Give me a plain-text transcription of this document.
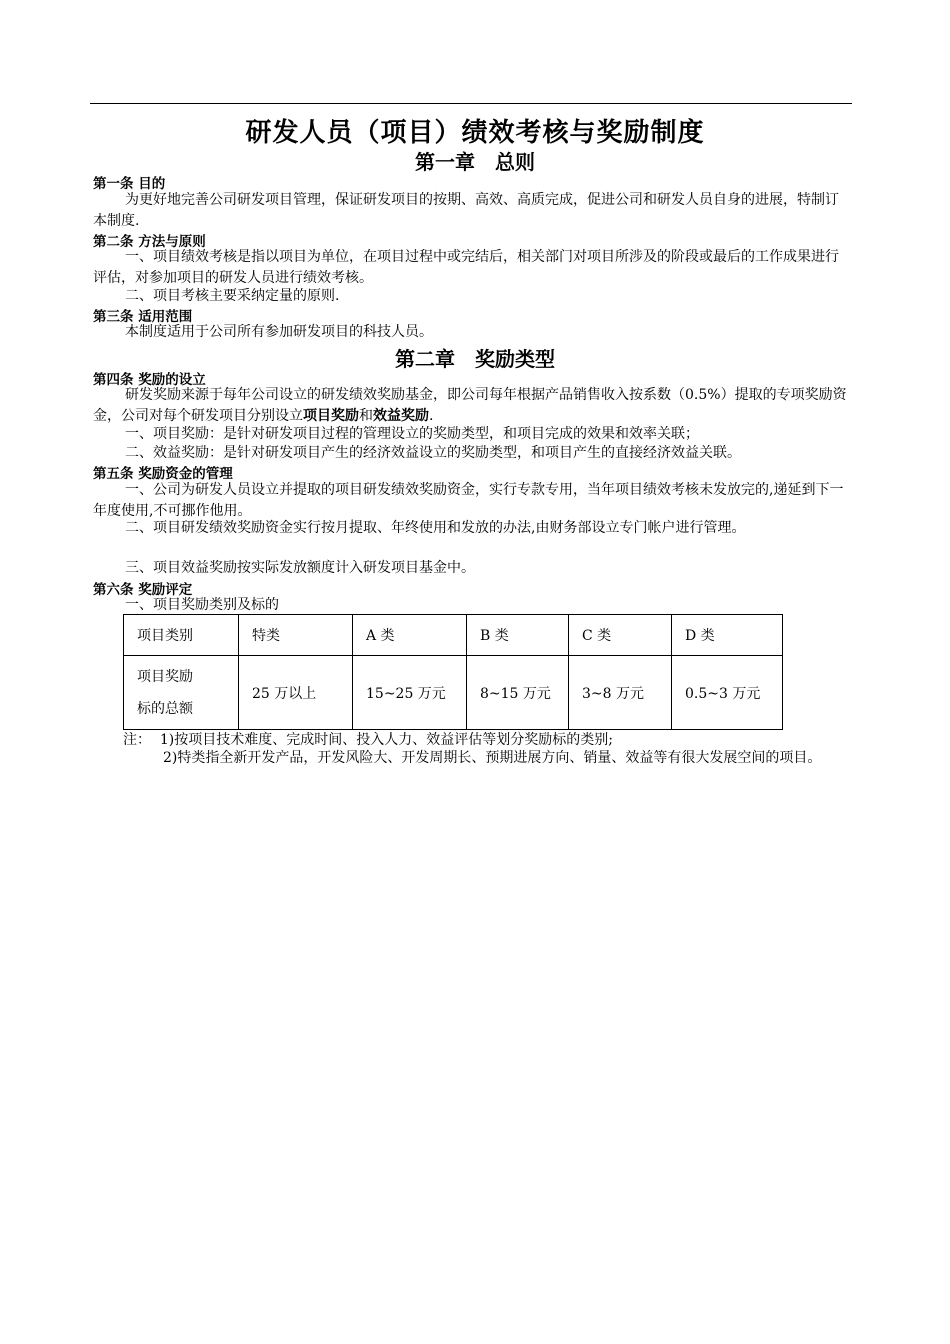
研发人员（项目）绩效考核与奖励制度
第一章　总则
第一条 目的
为更好地完善公司研发项目管理，保证研发项目的按期、高效、高质完成，促进公司和研发人员自身的进展，特制订本制度.
第二条 方法与原则
一、项目绩效考核是指以项目为单位，在项目过程中或完结后，相关部门对项目所涉及的阶段或最后的工作成果进行评估，对参加项目的研发人员进行绩效考核。
二、项目考核主要采纳定量的原则.
第三条 适用范围
本制度适用于公司所有参加研发项目的科技人员。
第二章　奖励类型
第四条 奖励的设立
研发奖励来源于每年公司设立的研发绩效奖励基金，即公司每年根据产品销售收入按系数（0.5%）提取的专项奖励资金，公司对每个研发项目分别设立项目奖励和效益奖励.
一、项目奖励：是针对研发项目过程的管理设立的奖励类型，和项目完成的效果和效率关联；
二、效益奖励：是针对研发项目产生的经济效益设立的奖励类型，和项目产生的直接经济效益关联。
第五条 奖励资金的管理
一、公司为研发人员设立并提取的项目研发绩效奖励资金，实行专款专用，当年项目绩效考核未发放完的,递延到下一年度使用,不可挪作他用。
二、项目研发绩效奖励资金实行按月提取、年终使用和发放的办法,由财务部设立专门帐户进行管理。
三、项目效益奖励按实际发放额度计入研发项目基金中。
第六条 奖励评定
一、项目奖励类别及标的
项目类别	特类	A 类	B 类	C 类	D 类
项目奖励
标的总额	25 万以上	15~25 万元	8~15 万元	3~8 万元	0.5~3 万元
注：  1)按项目技术难度、完成时间、投入人力、效益评估等划分奖励标的类别;
2)特类指全新开发产品，开发风险大、开发周期长、预期进展方向、销量、效益等有很大发展空间的项目。
